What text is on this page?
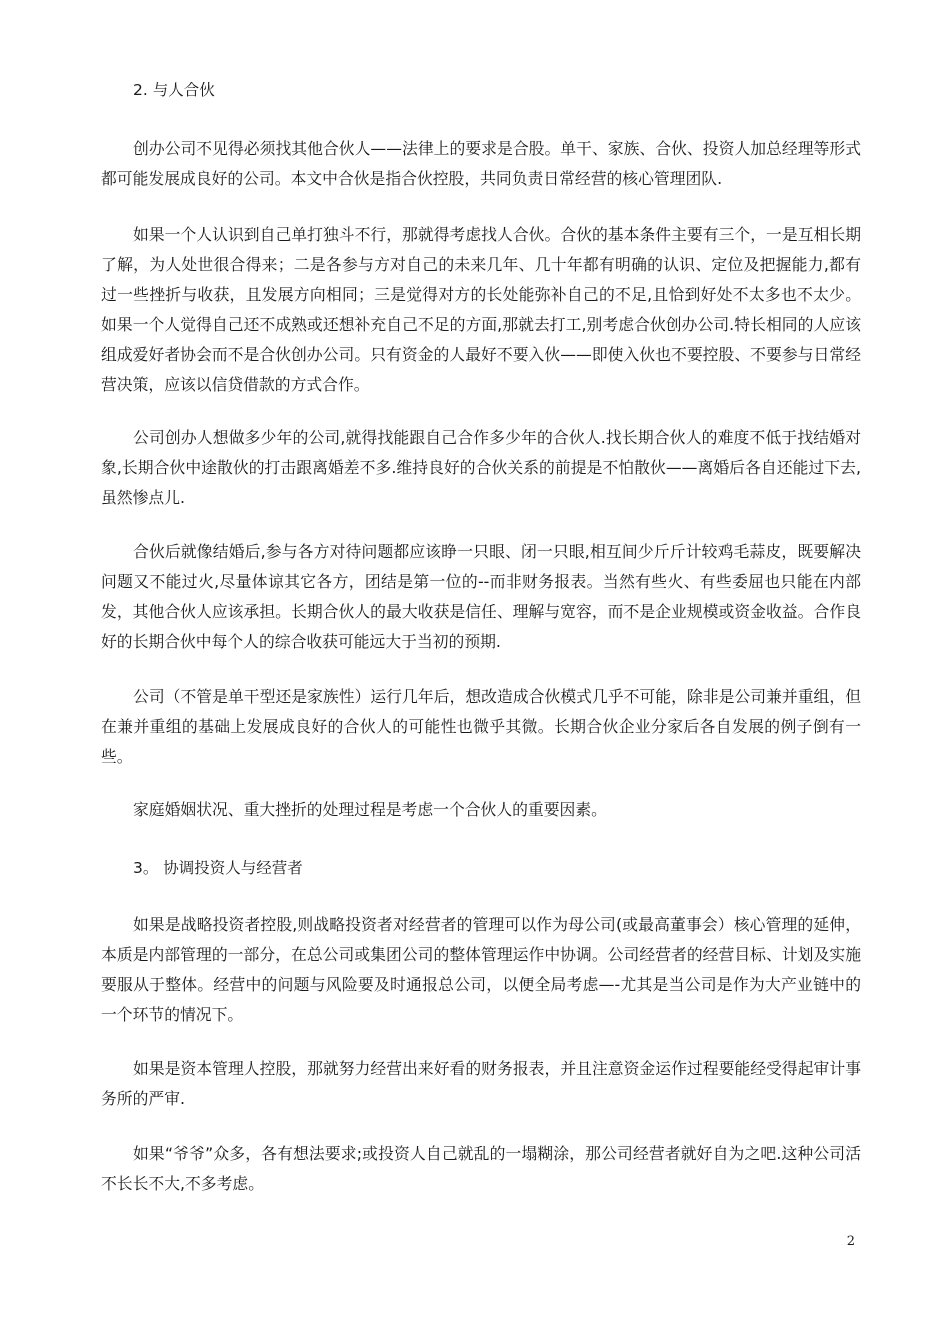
2. 与人合伙

创办公司不见得必须找其他合伙人——法律上的要求是合股。单干、家族、合伙、投资人加总经理等形式都可能发展成良好的公司。本文中合伙是指合伙控股，共同负责日常经营的核心管理团队.

如果一个人认识到自己单打独斗不行，那就得考虑找人合伙。合伙的基本条件主要有三个，一是互相长期了解，为人处世很合得来；二是各参与方对自己的未来几年、几十年都有明确的认识、定位及把握能力,都有过一些挫折与收获，且发展方向相同；三是觉得对方的长处能弥补自己的不足,且恰到好处不太多也不太少。如果一个人觉得自己还不成熟或还想补充自己不足的方面,那就去打工,别考虑合伙创办公司.特长相同的人应该组成爱好者协会而不是合伙创办公司。只有资金的人最好不要入伙——即使入伙也不要控股、不要参与日常经营决策，应该以信贷借款的方式合作。

公司创办人想做多少年的公司,就得找能跟自己合作多少年的合伙人.找长期合伙人的难度不低于找结婚对象,长期合伙中途散伙的打击跟离婚差不多.维持良好的合伙关系的前提是不怕散伙——离婚后各自还能过下去,虽然惨点儿.

合伙后就像结婚后,参与各方对待问题都应该睁一只眼、闭一只眼,相互间少斤斤计较鸡毛蒜皮，既要解决问题又不能过火,尽量体谅其它各方，团结是第一位的--而非财务报表。当然有些火、有些委屈也只能在内部发，其他合伙人应该承担。长期合伙人的最大收获是信任、理解与宽容，而不是企业规模或资金收益。合作良好的长期合伙中每个人的综合收获可能远大于当初的预期.

公司（不管是单干型还是家族性）运行几年后，想改造成合伙模式几乎不可能，除非是公司兼并重组，但在兼并重组的基础上发展成良好的合伙人的可能性也微乎其微。长期合伙企业分家后各自发展的例子倒有一些。

家庭婚姻状况、重大挫折的处理过程是考虑一个合伙人的重要因素。

3。 协调投资人与经营者

如果是战略投资者控股,则战略投资者对经营者的管理可以作为母公司(或最高董事会）核心管理的延伸，本质是内部管理的一部分，在总公司或集团公司的整体管理运作中协调。公司经营者的经营目标、计划及实施要服从于整体。经营中的问题与风险要及时通报总公司，以便全局考虑—-尤其是当公司是作为大产业链中的一个环节的情况下。

如果是资本管理人控股，那就努力经营出来好看的财务报表，并且注意资金运作过程要能经受得起审计事务所的严审.

如果“爷爷”众多，各有想法要求;或投资人自己就乱的一塌糊涂，那公司经营者就好自为之吧.这种公司活不长长不大,不多考虑。

2
